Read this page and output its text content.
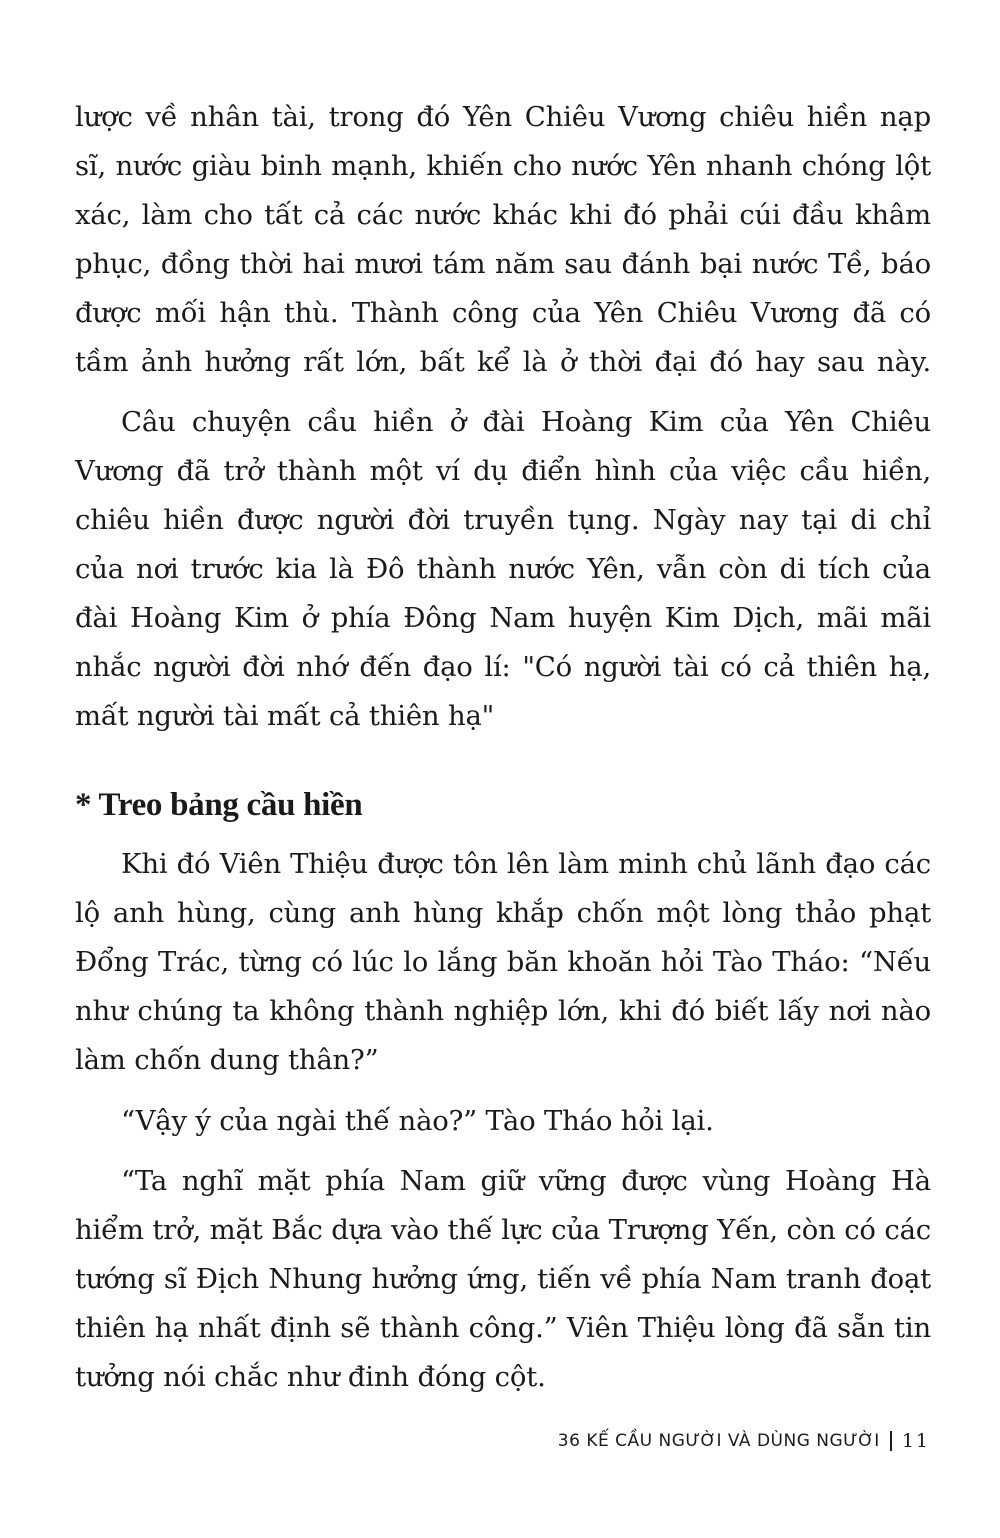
lược về nhân tài, trong đó Yên Chiêu Vương chiêu hiền nạp
sĩ, nước giàu binh mạnh, khiến cho nước Yên nhanh chóng lột
xác, làm cho tất cả các nước khác khi đó phải cúi đầu khâm
phục, đồng thời hai mươi tám năm sau đánh bại nước Tề, báo
được mối hận thù. Thành công của Yên Chiêu Vương đã có
tầm ảnh hưởng rất lớn, bất kể là ở thời đại đó hay sau này.
Câu chuyện cầu hiền ở đài Hoàng Kim của Yên Chiêu
Vương đã trở thành một ví dụ điển hình của việc cầu hiền,
chiêu hiền được người đời truyền tụng. Ngày nay tại di chỉ
của nơi trước kia là Đô thành nước Yên, vẫn còn di tích của
đài Hoàng Kim ở phía Đông Nam huyện Kim Dịch, mãi mãi
nhắc người đời nhớ đến đạo lí: "Có người tài có cả thiên hạ,
mất người tài mất cả thiên hạ"
* Treo bảng cầu hiền
Khi đó Viên Thiệu được tôn lên làm minh chủ lãnh đạo các
lộ anh hùng, cùng anh hùng khắp chốn một lòng thảo phạt
Đổng Trác, từng có lúc lo lắng băn khoăn hỏi Tào Tháo: “Nếu
như chúng ta không thành nghiệp lớn, khi đó biết lấy nơi nào
làm chốn dung thân?”
“Vậy ý của ngài thế nào?” Tào Tháo hỏi lại.
“Ta nghĩ mặt phía Nam giữ vững được vùng Hoàng Hà
hiểm trở, mặt Bắc dựa vào thế lực của Trượng Yến, còn có các
tướng sĩ Địch Nhung hưởng ứng, tiến về phía Nam tranh đoạt
thiên hạ nhất định sẽ thành công.” Viên Thiệu lòng đã sẵn tin
tưởng nói chắc như đinh đóng cột.
36 KẾ CẦU NGƯỜI VÀ DÙNG NGƯỜI 11
